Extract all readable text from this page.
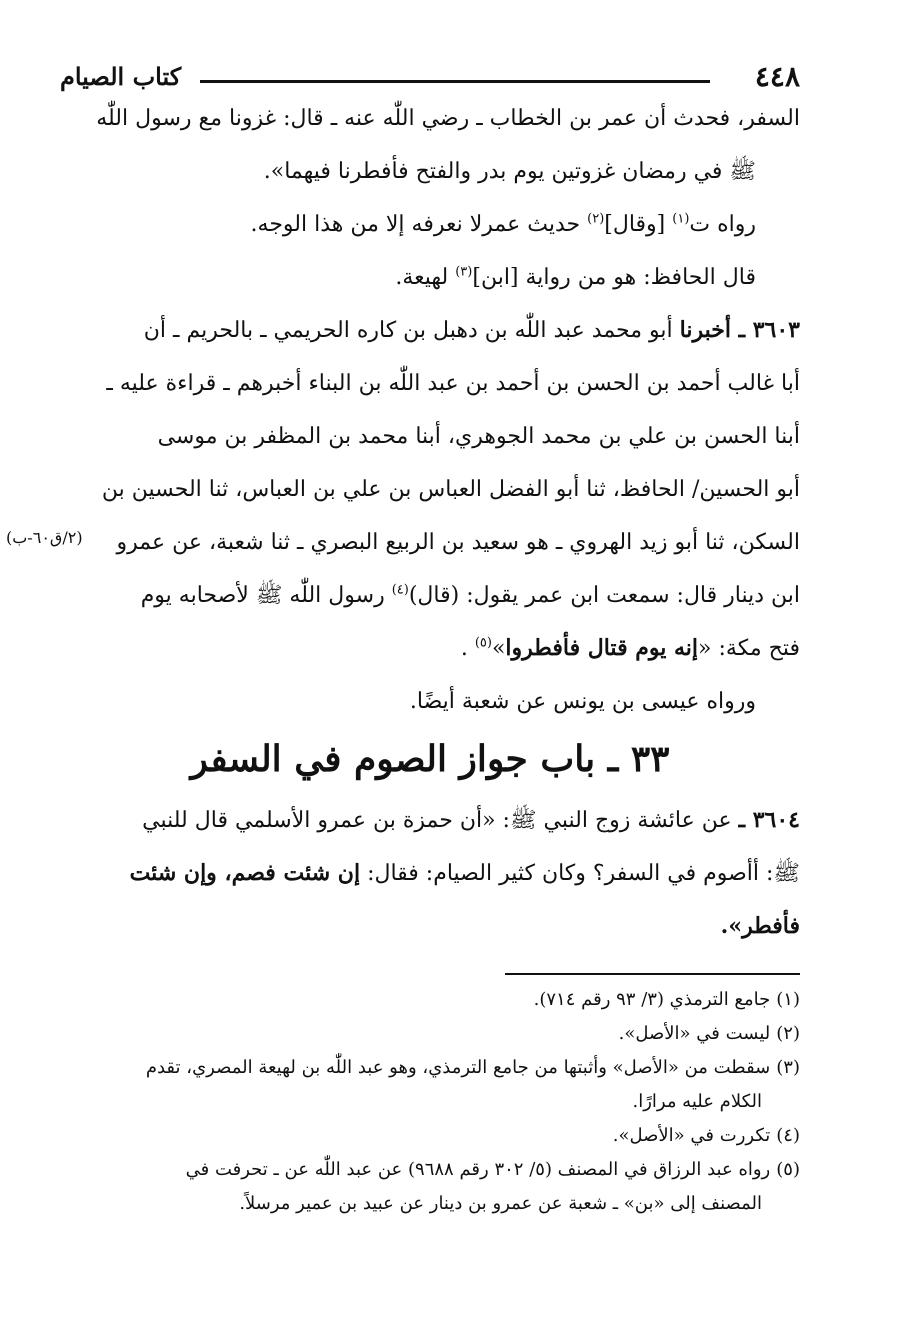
٤٤٨
كتاب الصيام
(٢/ق٦٠-ب)

السفر، فحدث أن عمر بن الخطاب ـ رضي اللّٰه عنه ـ قال: غزونا مع رسول اللّٰه

ﷺ في رمضان غزوتين يوم بدر والفتح فأفطرنا فيهما».

رواه ت$^{(١)}$ [وقال]$^{(٢)}$ حديث عمرلا نعرفه إلا من هذا الوجه.

قال الحافظ: هو من رواية [ابن]$^{(٣)}$ لهيعة.

٣٦٠٣ ـ أخبرنا أبو محمد عبد اللّٰه بن دهبل بن كاره الحريمي ـ بالحريم ـ أن

أبا غالب أحمد بن الحسن بن أحمد بن عبد اللّٰه بن البناء أخبرهم ـ قراءة عليه ـ

أبنا الحسن بن علي بن محمد الجوهري، أبنا محمد بن المظفر بن موسى

أبو الحسين/ الحافظ، ثنا أبو الفضل العباس بن علي بن العباس، ثنا الحسين بن

السكن، ثنا أبو زيد الهروي ـ هو سعيد بن الربيع البصري ـ ثنا شعبة، عن عمرو

ابن دينار قال: سمعت ابن عمر يقول: (قال)$^{(٤)}$ رسول اللّٰه ﷺ لأصحابه يوم

فتح مكة: «إنه يوم قتال فأفطروا»$^{(٥)}$ .

ورواه عيسى بن يونس عن شعبة أيضًا.

٣٣ ـ باب جواز الصوم في السفر

٣٦٠٤ ـ عن عائشة زوج النبي ﷺ: «أن حمزة بن عمرو الأسلمي قال للنبي

ﷺ: أأصوم في السفر؟ وكان كثير الصيام: فقال: إن شئت فصم، وإن شئت

فأفطر».

(١)جامع الترمذي (٣/ ٩٣ رقم ٧١٤).

(٢)ليست في «الأصل».

(٣)سقطت من «الأصل» وأثبتها من جامع الترمذي، وهو عبد اللّٰه بن لهيعة المصري، تقدم

الكلام عليه مرارًا.

(٤)تكررت في «الأصل».

(٥)رواه عبد الرزاق في المصنف (٥/ ٣٠٢ رقم ٩٦٨٨) عن عبد اللّٰه عن ـ تحرفت في

المصنف إلى «بن» ـ شعبة عن عمرو بن دينار عن عبيد بن عمير مرسلاً.
